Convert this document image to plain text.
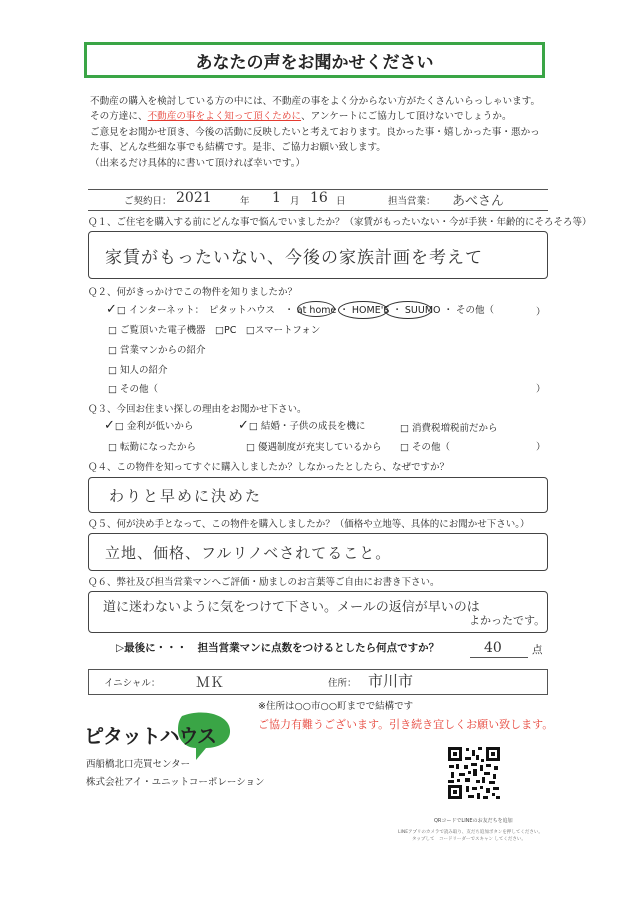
あなたの声をお聞かせください
不動産の購入を検討している方の中には、不動産の事をよく分からない方がたくさんいらっしゃいます。
その方達に、不動産の事をよく知って頂くために、アンケートにご協力して頂けないでしょうか。
ご意見をお聞かせ頂き、今後の活動に反映したいと考えております。良かった事・嬉しかった事・悪かっ
た事、どんな些細な事でも結構です。是非、ご協力お願い致します。
（出来るだけ具体的に書いて頂ければ幸いです。）
ご契約日： 2021	年 1 月 16 日	担当営業： あべさん
Ｑ１、ご住宅を購入する前にどんな事で悩んでいましたか？（家賃がもったいない・今が手狭・年齢的にそろそろ等）
家賃がもったいない、今後の家族計画を考えて
Ｑ２、何がきっかけでこの物件を知りましたか？
✓□ インターネット：　ピタットハウス　・ at home ・ HOME'S ・ SUUMO ・ その他（	）
□ ご覧頂いた電子機器　□PC　□スマートフォン
□ 営業マンからの紹介
□ 知人の紹介
□ その他（	）
Ｑ３、今回お住まい探しの理由をお聞かせ下さい。
✓□ 金利が低いから	✓□ 結婚・子供の成長を機に	□ 消費税増税前だから
□ 転勤になったから	□ 優遇制度が充実しているから □ その他（	）
Ｑ４、この物件を知ってすぐに購入しましたか？しなかったとしたら、なぜですか？
わりと早めに決めた
Ｑ５、何が決め手となって、この物件を購入しましたか？（価格や立地等、具体的にお聞かせ下さい。）
立地、価格、フルリノベされてること。
Ｑ６、弊社及び担当営業マンへご評価・励ましのお言葉等ご自由にお書き下さい。
道に迷わないように気をつけて下さい。メールの返信が早いのは
よかったです。
▷最後に・・・　担当営業マンに点数をつけるとしたら何点ですか？	40	点
イニシャル：	ＭＫ	住所： 市川市
※住所は○○市○○町までで結構です
ご協力有難うございます。引き続き宜しくお願い致します。
ピタットハウス
西船橋北口売買センター
株式会社アイ・ユニットコーポレーション
QRコードでLINEのお友だちを追加
LINEアプリのカメラで読み取り、友だち追加ボタンを押してください。
タップして　コードリーダーでスキャン してください。
